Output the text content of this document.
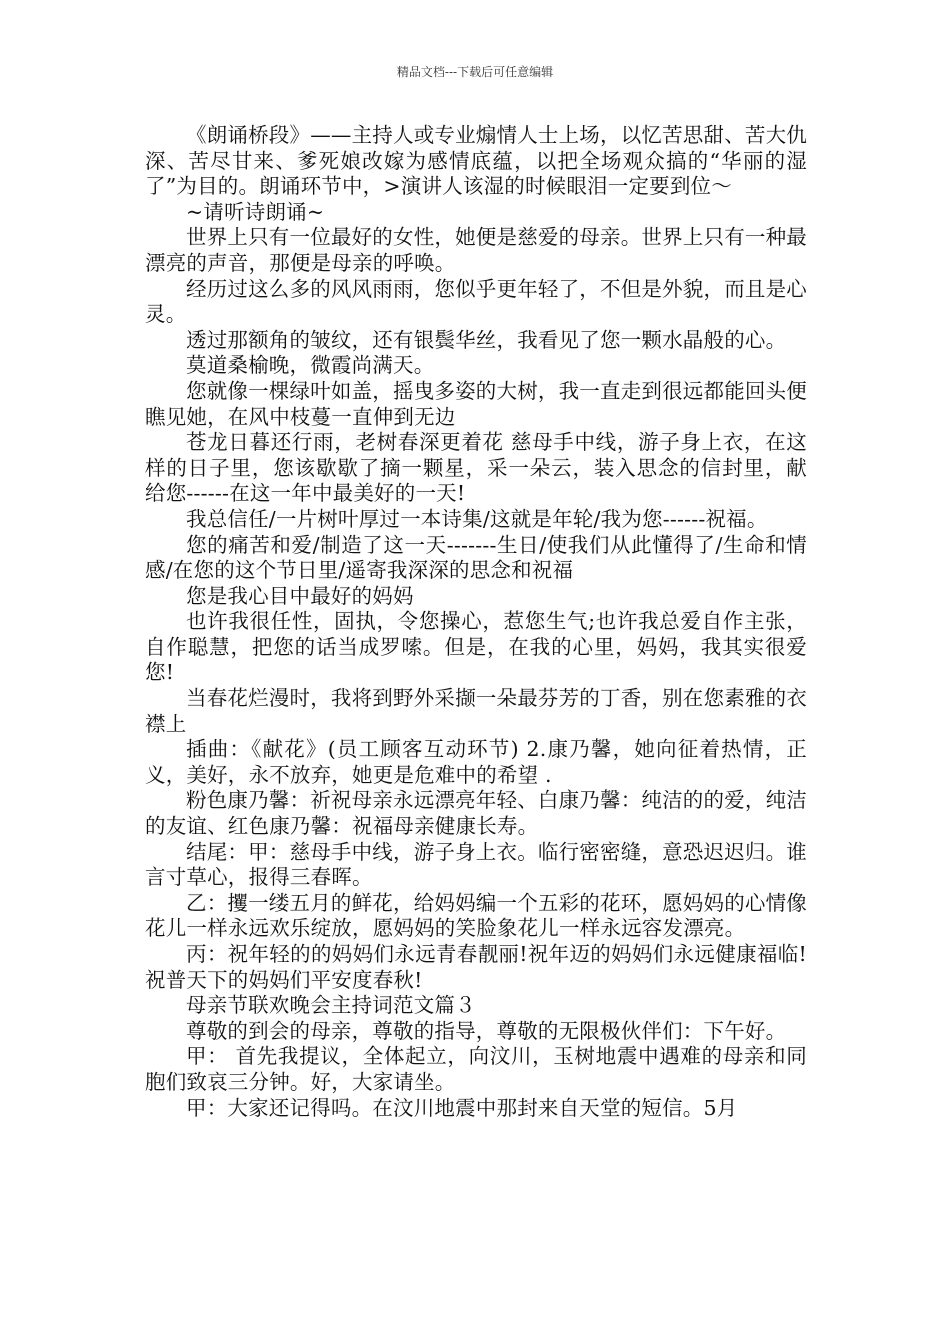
精品文档---下载后可任意编辑

《朗诵桥段》——主持人或专业煽情人士上场，以忆苦思甜、苦大仇深、苦尽甘来、爹死娘改嫁为感情底蕴，以把全场观众搞的“华丽的湿了”为目的。朗诵环节中，>演讲人该湿的时候眼泪一定要到位～

~请听诗朗诵~

世界上只有一位最好的女性，她便是慈爱的母亲。世界上只有一种最漂亮的声音，那便是母亲的呼唤。

经历过这么多的风风雨雨，您似乎更年轻了，不但是外貌，而且是心灵。

透过那额角的皱纹，还有银鬓华丝，我看见了您一颗水晶般的心。

莫道桑榆晚，微霞尚满天。

您就像一棵绿叶如盖，摇曳多姿的大树，我一直走到很远都能回头便瞧见她，在风中枝蔓一直伸到无边

苍龙日暮还行雨，老树春深更着花 慈母手中线，游子身上衣，在这样的日子里，您该歇歇了摘一颗星，采一朵云，装入思念的信封里，献给您------在这一年中最美好的一天!

我总信任/一片树叶厚过一本诗集/这就是年轮/我为您------祝福。

您的痛苦和爱/制造了这一天-------生日/使我们从此懂得了/生命和情感/在您的这个节日里/遥寄我深深的思念和祝福

您是我心目中最好的妈妈

也许我很任性，固执，令您操心，惹您生气;也许我总爱自作主张，自作聪慧，把您的话当成罗嗦。但是，在我的心里，妈妈，我其实很爱您!

当春花烂漫时，我将到野外采撷一朵最芬芳的丁香，别在您素雅的衣襟上

插曲：《献花》(员工顾客互动环节) 2.康乃馨，她向征着热情，正义，美好，永不放弃，她更是危难中的希望 .

粉色康乃馨：祈祝母亲永远漂亮年轻、白康乃馨：纯洁的的爱，纯洁的友谊、红色康乃馨：祝福母亲健康长寿。

结尾：甲：慈母手中线，游子身上衣。临行密密缝，意恐迟迟归。谁言寸草心，报得三春晖。

乙：攫一缕五月的鲜花，给妈妈编一个五彩的花环，愿妈妈的心情像花儿一样永远欢乐绽放，愿妈妈的笑脸象花儿一样永远容发漂亮。

丙：祝年轻的的妈妈们永远青春靓丽!祝年迈的妈妈们永远健康福临!祝普天下的妈妈们平安度春秋!

母亲节联欢晚会主持词范文篇３

尊敬的到会的母亲，尊敬的指导，尊敬的无限极伙伴们：下午好。

甲： 首先我提议，全体起立，向汶川，玉树地震中遇难的母亲和同胞们致哀三分钟。好，大家请坐。

甲：大家还记得吗。在汶川地震中那封来自天堂的短信。5月
